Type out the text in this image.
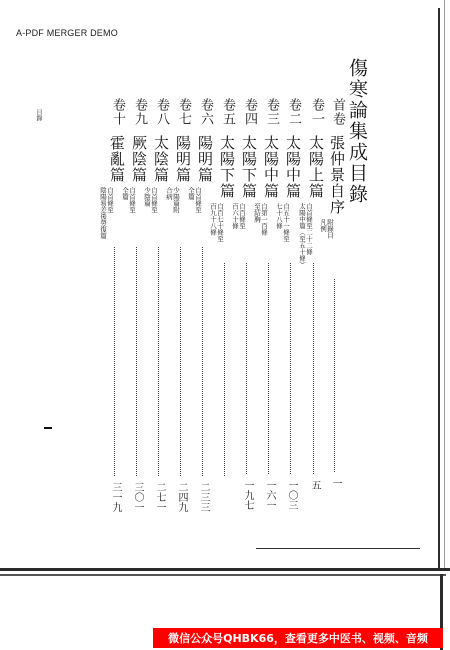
A-PDF MERGER DEMO
目錄	傷寒論集成目錄
首卷
張仲景自序
附錄目
凡例
一
卷一
太陽上篇
自首條至二十二條
太陽中篇（至五十條）
五
卷二
太陽中篇
自五十一條至
七十八條
一〇三
卷三
太陽中篇
自第一百條
至結胸
一六一
卷四
太陽下篇
自百條至
百六十條
一九七
卷五
太陽下篇
自百七十條至
百九十八條
卷六
陽明篇
自首條至
全篇
二三三
卷七
陽明篇
少陽篇附
合病
二四九
卷八
太陰篇
自首條至
少陰篇
二七一
卷九
厥陰篇
自首條至
全篇
三〇一
卷十
霍亂篇
自首條至
陰陽易差後勞復篇
三一九
微信公众号QHBK66，查看更多中医书、视频、音频
